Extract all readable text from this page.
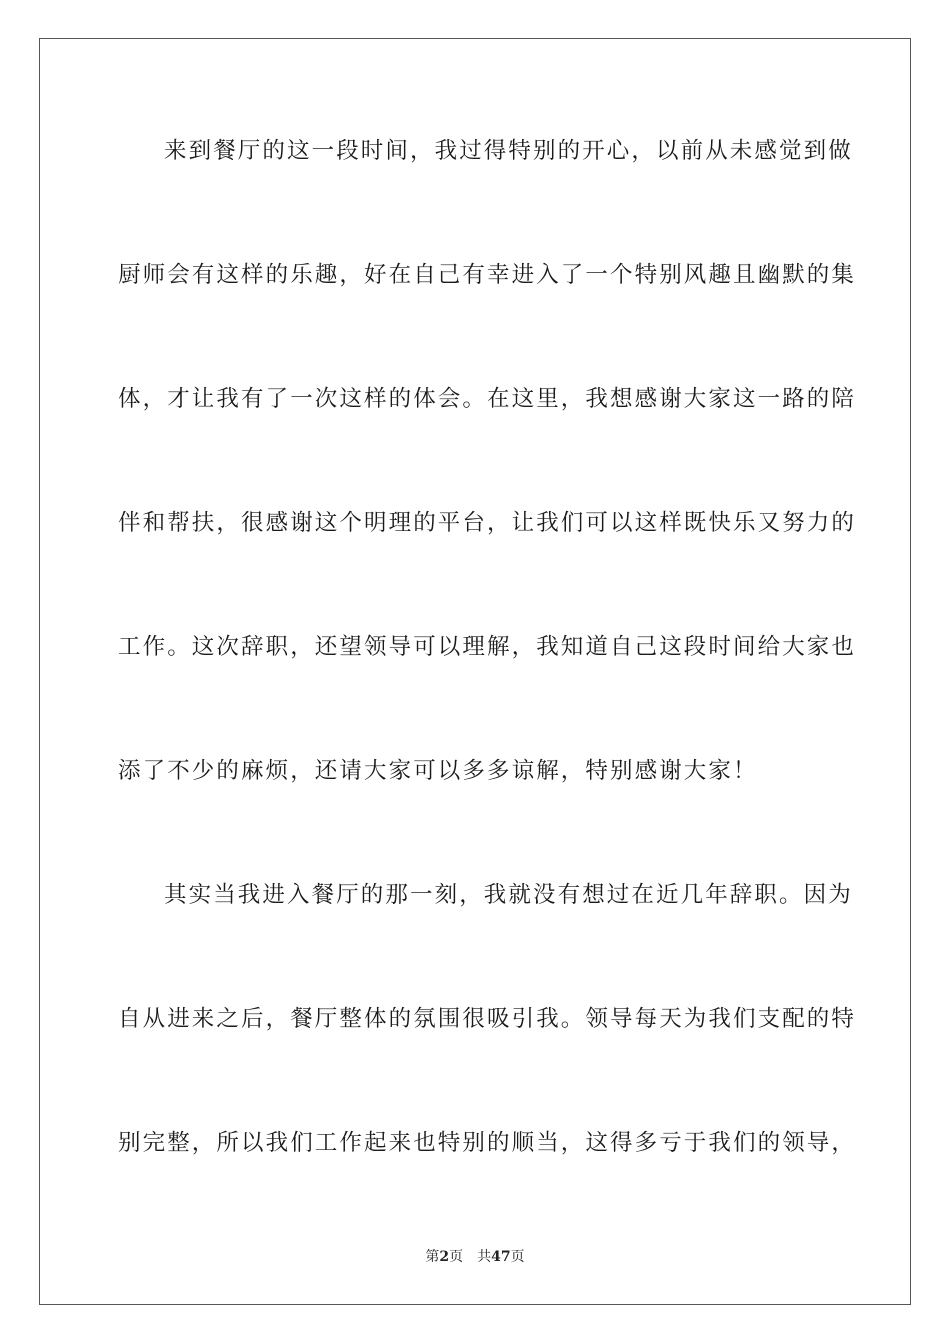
来到餐厅的这一段时间，我过得特别的开心，以前从未感觉到做
厨师会有这样的乐趣，好在自己有幸进入了一个特别风趣且幽默的集
体，才让我有了一次这样的体会。在这里，我想感谢大家这一路的陪
伴和帮扶，很感谢这个明理的平台，让我们可以这样既快乐又努力的
工作。这次辞职，还望领导可以理解，我知道自己这段时间给大家也
添了不少的麻烦，还请大家可以多多谅解，特别感谢大家！
其实当我进入餐厅的那一刻，我就没有想过在近几年辞职。因为
自从进来之后，餐厅整体的氛围很吸引我。领导每天为我们支配的特
别完整，所以我们工作起来也特别的顺当，这得多亏于我们的领导，
第2页 共47页
